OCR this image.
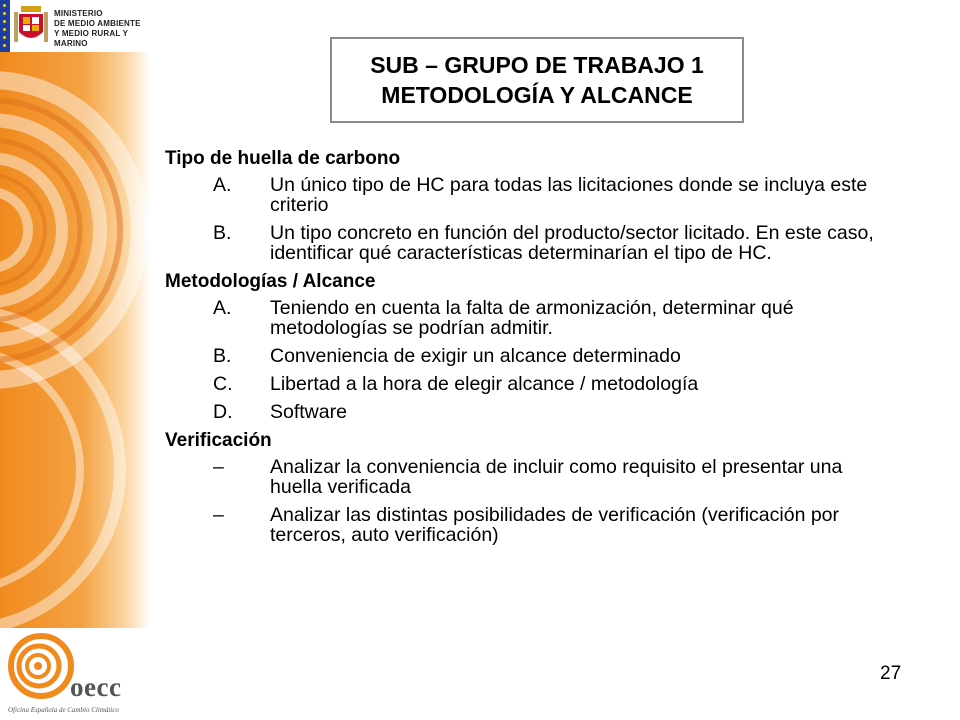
MINISTERIO
DE MEDIO AMBIENTE
Y MEDIO RURAL Y MARINO
SUB – GRUPO DE TRABAJO 1
METODOLOGÍA Y ALCANCE
Tipo de huella de carbono
A.	Un único tipo de HC para todas las licitaciones donde se incluya este criterio
B.	Un tipo concreto en función del producto/sector licitado. En este caso, identificar qué características determinarían el tipo de HC.
Metodologías / Alcance
A.	Teniendo en cuenta la falta de armonización, determinar qué metodologías se podrían admitir.
B.	Conveniencia de exigir un alcance determinado
C.	Libertad a la hora de elegir alcance / metodología
D.	Software
Verificación
–	Analizar la conveniencia de incluir como requisito el presentar una huella verificada
–	Analizar las distintas posibilidades de verificación (verificación por terceros, auto verificación)
27
oecc
Oficina Española de Cambio Climático
